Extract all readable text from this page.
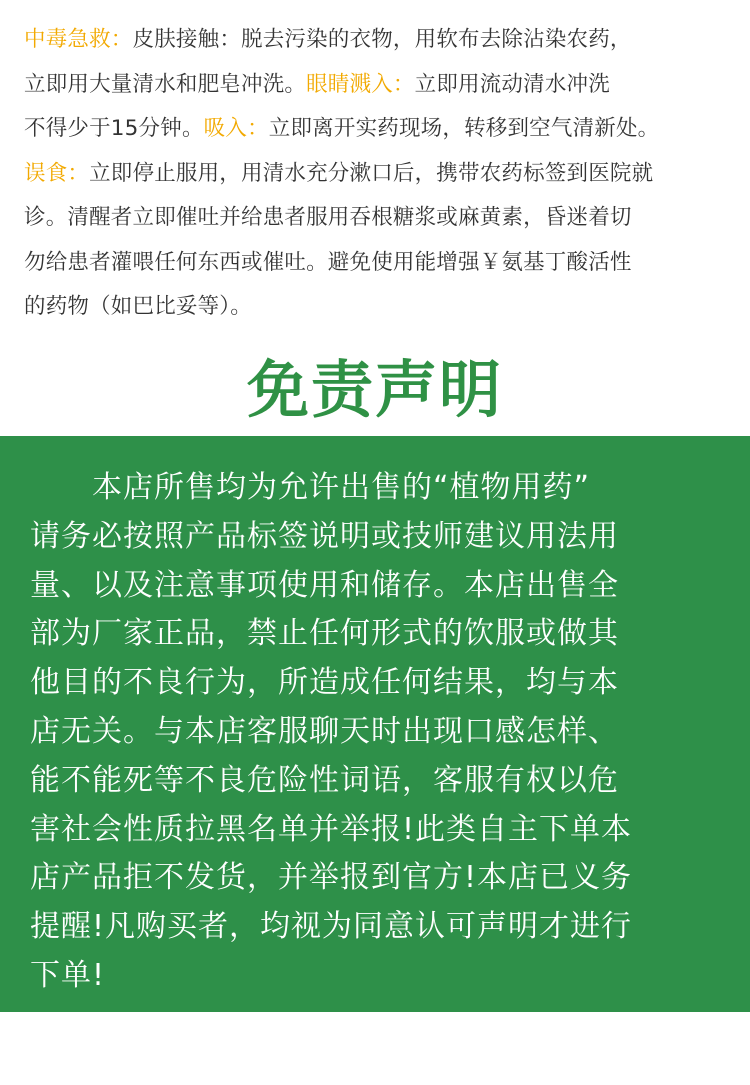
中毒急救：皮肤接触：脱去污染的衣物，用软布去除沾染农药，
立即用大量清水和肥皂冲洗。眼睛溅入：立即用流动清水冲洗
不得少于15分钟。吸入：立即离开实药现场，转移到空气清新处。
误食：立即停止服用，用清水充分漱口后，携带农药标签到医院就
诊。清醒者立即催吐并给患者服用吞根糖浆或麻黄素，昏迷着切
勿给患者灌喂任何东西或催吐。避免使用能增强￥氨基丁酸活性
的药物（如巴比妥等）。
免责声明
　　本店所售均为允许出售的“植物用药”
请务必按照产品标签说明或技师建议用法用
量、以及注意事项使用和储存。本店出售全
部为厂家正品，禁止任何形式的饮服或做其
他目的不良行为，所造成任何结果，均与本
店无关。与本店客服聊天时出现口感怎样、
能不能死等不良危险性词语，客服有权以危
害社会性质拉黑名单并举报!此类自主下单本
店产品拒不发货，并举报到官方!本店已义务
提醒!凡购买者，均视为同意认可声明才进行
下单!
